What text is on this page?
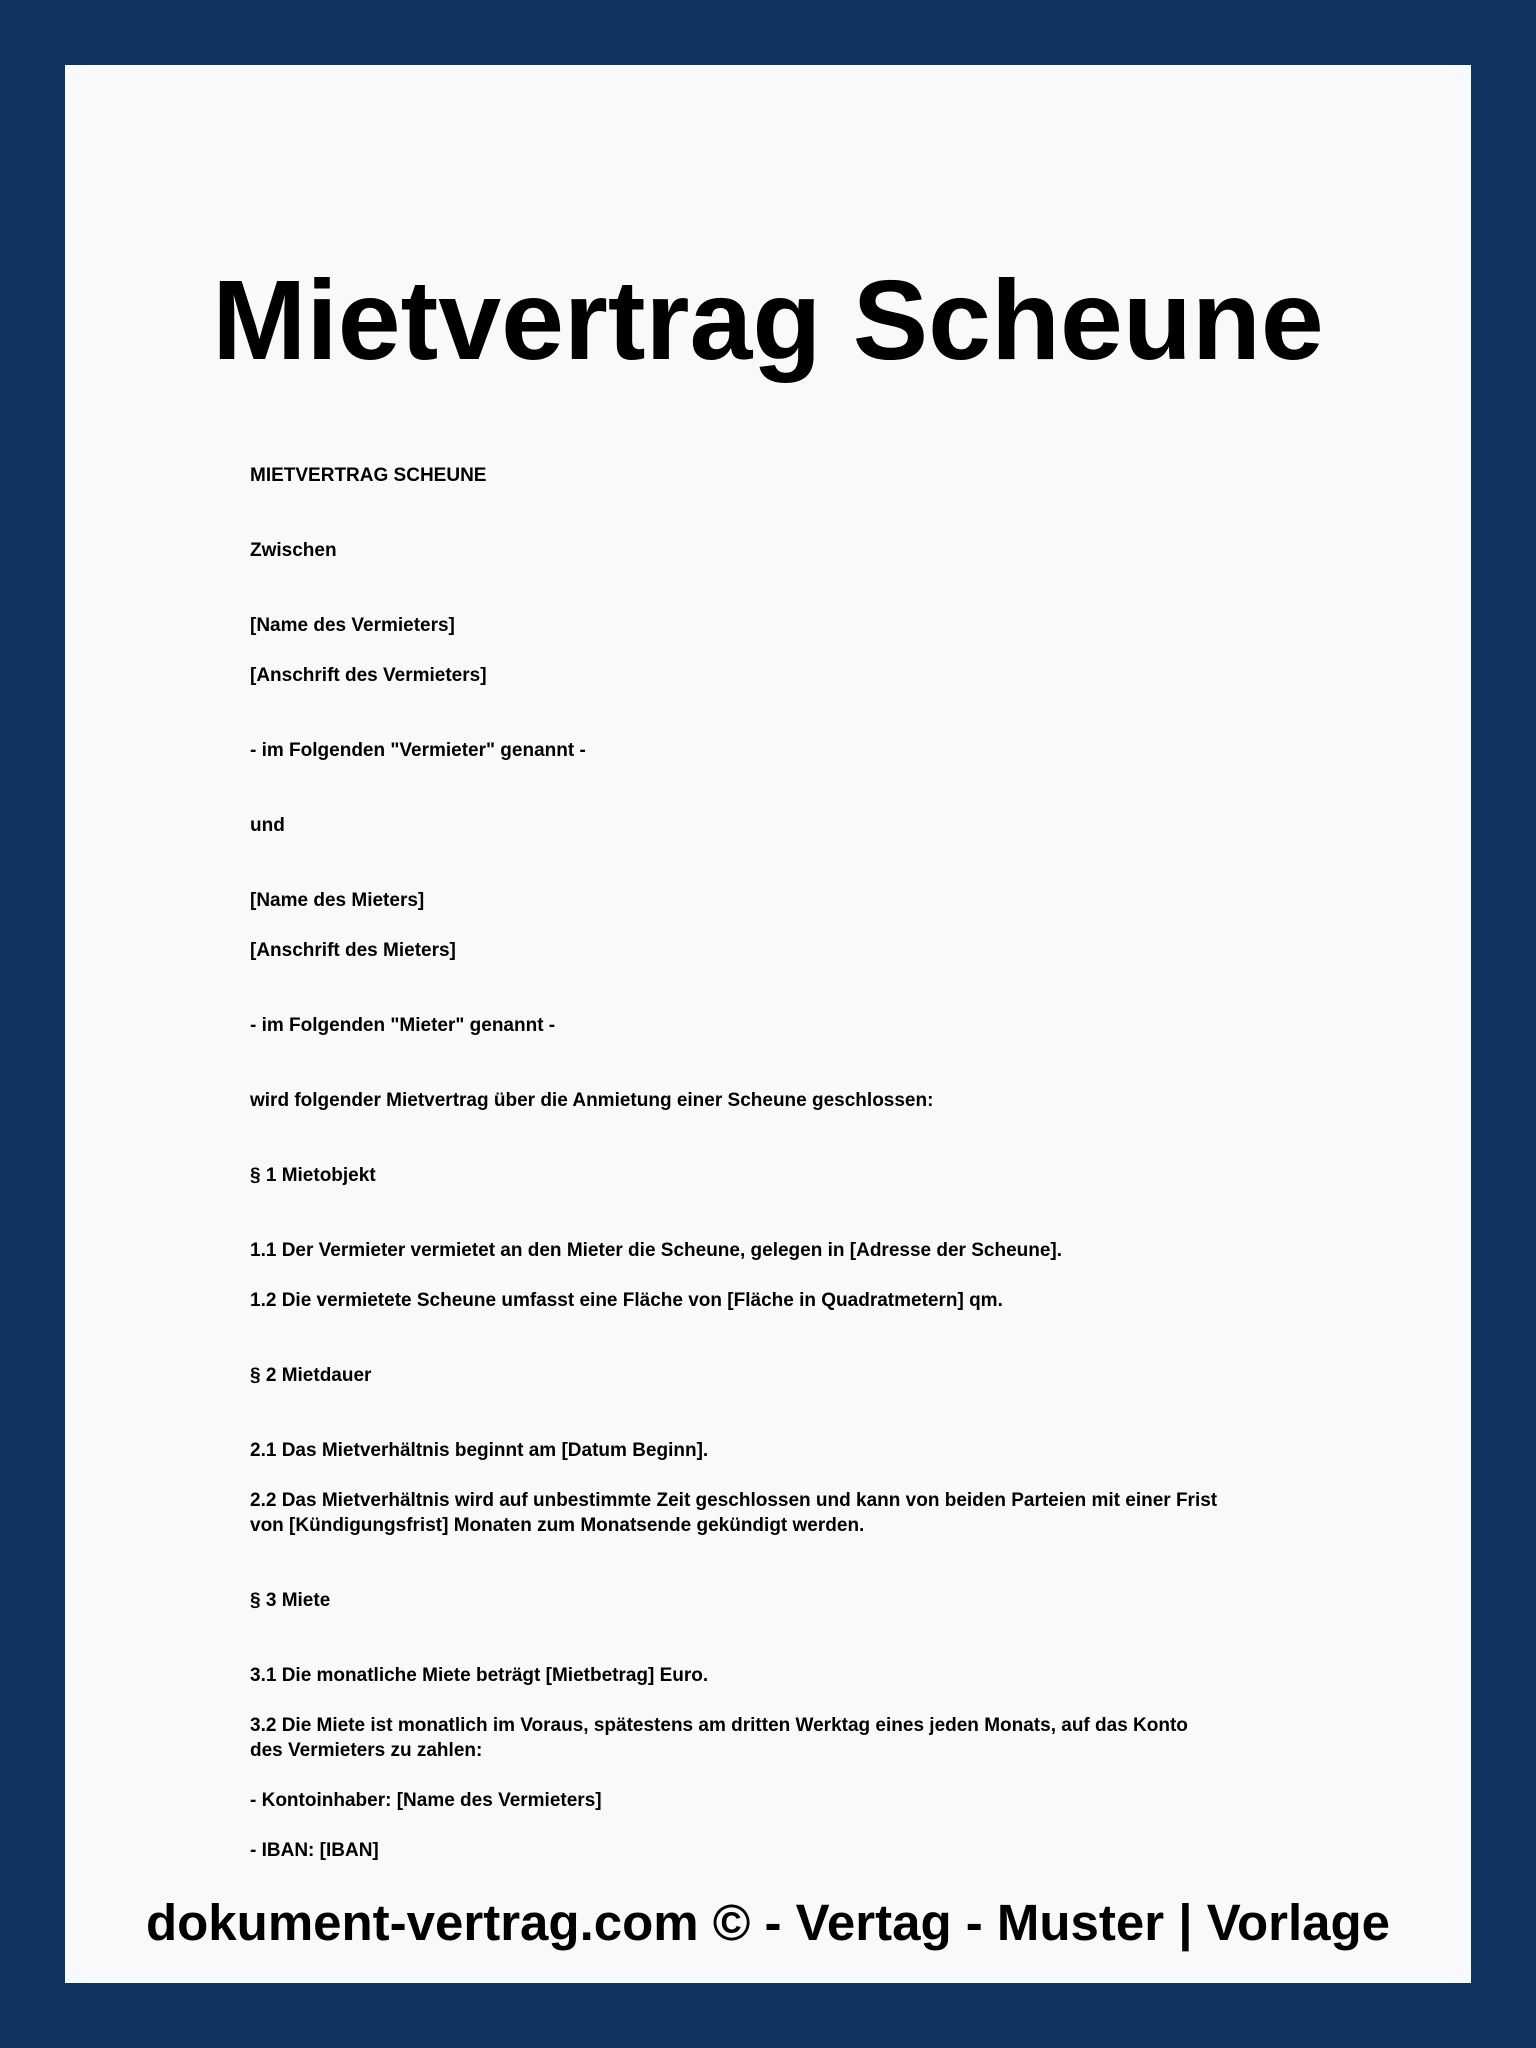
Mietvertrag Scheune
MIETVERTRAG SCHEUNE
Zwischen
[Name des Vermieters]
[Anschrift des Vermieters]
- im Folgenden "Vermieter" genannt -
und
[Name des Mieters]
[Anschrift des Mieters]
- im Folgenden "Mieter" genannt -
wird folgender Mietvertrag über die Anmietung einer Scheune geschlossen:
§ 1 Mietobjekt
1.1 Der Vermieter vermietet an den Mieter die Scheune, gelegen in [Adresse der Scheune].
1.2 Die vermietete Scheune umfasst eine Fläche von [Fläche in Quadratmetern] qm.
§ 2 Mietdauer
2.1 Das Mietverhältnis beginnt am [Datum Beginn].
2.2 Das Mietverhältnis wird auf unbestimmte Zeit geschlossen und kann von beiden Parteien mit einer Frist
von [Kündigungsfrist] Monaten zum Monatsende gekündigt werden.
§ 3 Miete
3.1 Die monatliche Miete beträgt [Mietbetrag] Euro.
3.2 Die Miete ist monatlich im Voraus, spätestens am dritten Werktag eines jeden Monats, auf das Konto
des Vermieters zu zahlen:
- Kontoinhaber: [Name des Vermieters]
- IBAN: [IBAN]
dokument-vertrag.com © - Vertag - Muster | Vorlage
